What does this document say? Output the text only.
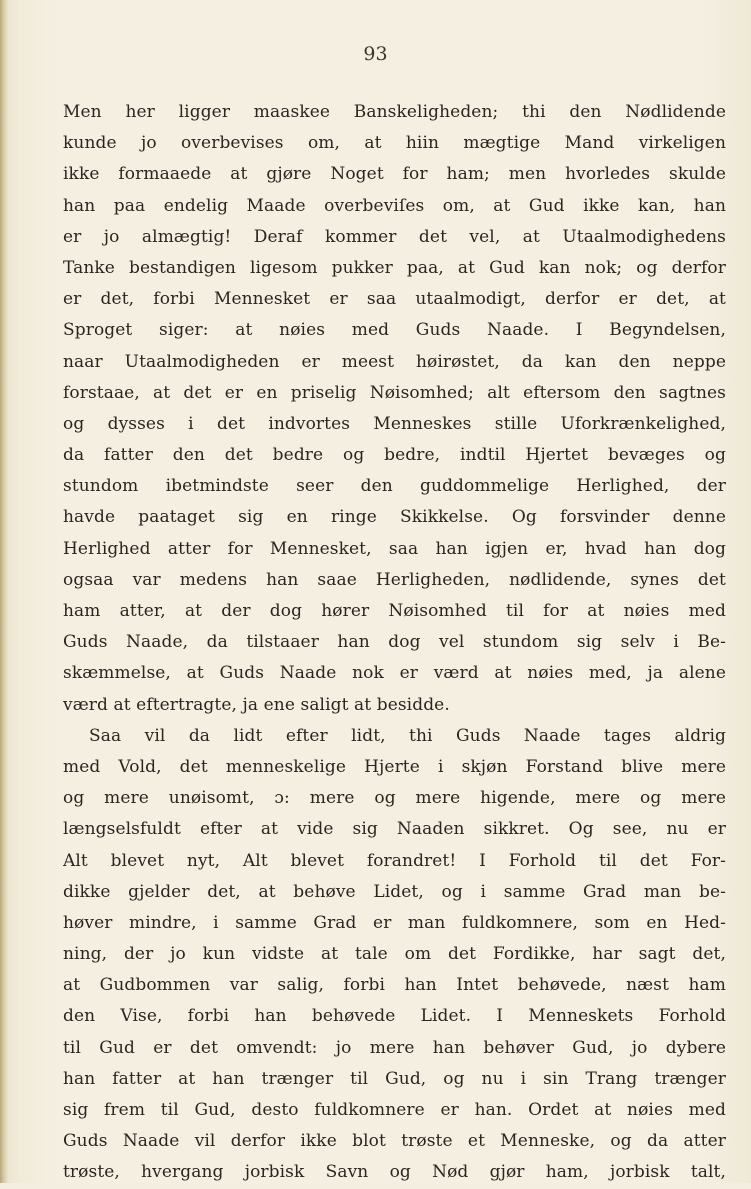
93
Men her ligger maaskee Banskeligheden; thi den Nødlidende
kunde jo overbevises om, at hiin mægtige Mand virkeligen
ikke formaaede at gjøre Noget for ham; men hvorledes skulde
han paa endelig Maade overbeviſes om, at Gud ikke kan, han
er jo almægtig! Deraf kommer det vel, at Utaalmodighedens
Tanke bestandigen ligesom pukker paa, at Gud kan nok; og derfor
er det, forbi Mennesket er saa utaalmodigt, derfor er det, at
Sproget siger: at nøies med Guds Naade. I Begyndelsen,
naar Utaalmodigheden er meest høirøstet, da kan den neppe
forstaae, at det er en priselig Nøisomhed; alt eftersom den sagtnes
og dysses i det indvortes Menneskes stille Uforkrænkelighed,
da fatter den det bedre og bedre, indtil Hjertet bevæges og
stundom ibetmindste seer den guddommelige Herlighed, der
havde paataget sig en ringe Skikkelse. Og forsvinder denne
Herlighed atter for Mennesket, saa han igjen er, hvad han dog
ogsaa var medens han saae Herligheden, nødlidende, synes det
ham atter, at der dog hører Nøisomhed til for at nøies med
Guds Naade, da tilstaaer han dog vel stundom sig selv i Be-
skæmmelse, at Guds Naade nok er værd at nøies med, ja alene
værd at eftertragte, ja ene saligt at besidde.
Saa vil da lidt efter lidt, thi Guds Naade tages aldrig
med Vold, det menneskelige Hjerte i skjøn Forstand blive mere
og mere unøisomt, ɔ: mere og mere higende, mere og mere
længselsfuldt efter at vide sig Naaden sikkret. Og see, nu er
Alt blevet nyt, Alt blevet forandret! I Forhold til det For-
dikke gjelder det, at behøve Lidet, og i samme Grad man be-
høver mindre, i samme Grad er man fuldkomnere, som en Hed-
ning, der jo kun vidste at tale om det Fordikke, har sagt det,
at Gudbommen var salig, forbi han Intet behøvede, næst ham
den Vise, forbi han behøvede Lidet. I Menneskets Forhold
til Gud er det omvendt: jo mere han behøver Gud, jo dybere
han fatter at han trænger til Gud, og nu i sin Trang trænger
sig frem til Gud, desto fuldkomnere er han. Ordet at nøies med
Guds Naade vil derfor ikke blot trøste et Menneske, og da atter
trøste, hvergang jorbisk Savn og Nød gjør ham, jorbisk talt,
